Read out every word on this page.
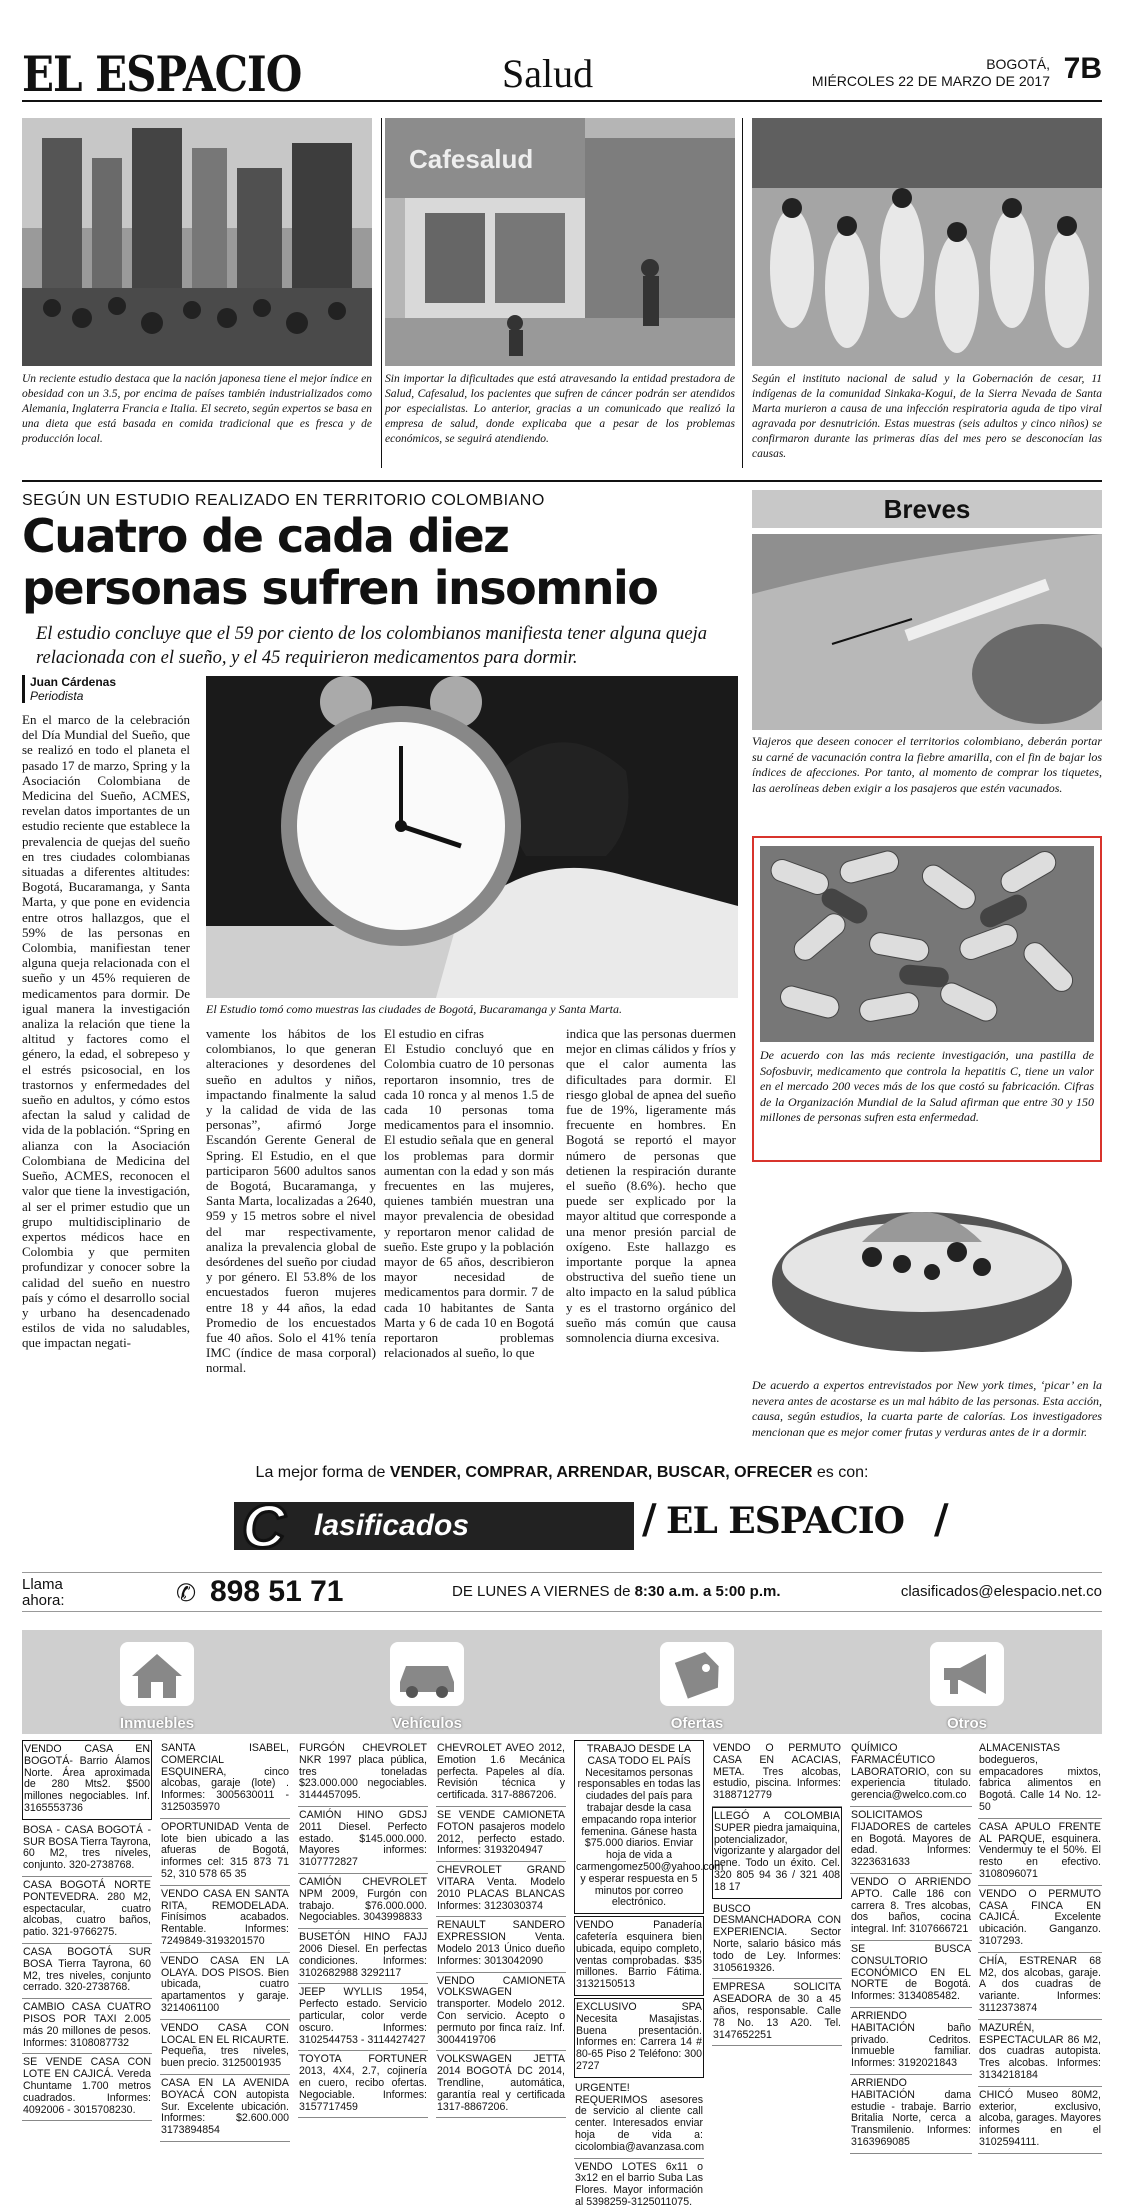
EL ESPACIO	Salud	BOGOTÁ,
MIÉRCOLES 22 DE MARZO DE 2017 7B
Un reciente estudio destaca que la nación japonesa tiene el mejor índice en obesidad con un 3.5, por encima de países también industrializados como Alemania, Inglaterra Francia e Italia. El secreto, según expertos se basa en una dieta que está basada en comida tradicional que es fresca y de producción local.
Cafesalud
Sin importar la dificultades que está atravesando la entidad prestadora de Salud, Cafesalud, los pacientes que sufren de cáncer podrán ser atendidos por especialistas. Lo anterior, gracias a un comunicado que realizó la empresa de salud, donde explicaba que a pesar de los problemas económicos, se seguirá atendiendo.
Según el instituto nacional de salud y la Gobernación de cesar, 11 indígenas de la comunidad Sinkaka-Kogui, de la Sierra Nevada de Santa Marta murieron a causa de una infección respiratoria aguda de tipo viral agravada por desnutrición. Estas muestras (seis adultos y cinco niños) se confirmaron durante las primeras días del mes pero se desconocían las causas.
SEGÚN UN ESTUDIO REALIZADO EN TERRITORIO COLOMBIANO
Cuatro de cada diez personas sufren insomnio
El estudio concluye que el 59 por ciento de los colombianos manifiesta tener alguna queja relacionada con el sueño, y el 45 requirieron medicamentos para dormir.
Juan Cárdenas
Periodista
En el marco de la celebración del Día Mundial del Sueño, que se realizó en todo el planeta el pasado 17 de marzo, Spring y la Asociación Colombiana de Medicina del Sueño, ACMES, revelan datos importantes de un estudio reciente que establece la prevalencia de quejas del sueño en tres ciudades colombianas situadas a diferentes altitudes: Bogotá, Bucaramanga, y Santa Marta, y que pone en evidencia entre otros hallazgos, que el 59% de las personas en Colombia, manifiestan tener alguna queja relacionada con el sueño y un 45% requieren de medicamentos para dormir. De igual manera la investigación analiza la relación que tiene la altitud y factores como el género, la edad, el sobrepeso y el estrés psicosocial, en los trastornos y enfermedades del sueño en adultos, y cómo estos afectan la salud y calidad de vida de la población. “Spring en alianza con la Asociación Colombiana de Medicina del Sueño, ACMES, reconocen el valor que tiene la investigación, al ser el primer estudio que un grupo multidisciplinario de expertos médicos hace en Colombia y que permiten profundizar y conocer sobre la calidad del sueño en nuestro país y cómo el desarrollo social y urbano ha desencadenado estilos de vida no saludables, que impactan negati-
El Estudio tomó como muestras las ciudades de Bogotá, Bucaramanga y Santa Marta.
vamente los hábitos de los colombianos, lo que generan alteraciones y desordenes del sueño en adultos y niños, impactando finalmente la salud y la calidad de vida de las personas”, afirmó Jorge Escandón Gerente General de Spring. El Estudio, en el que participaron 5600 adultos sanos de Bogotá, Bucaramanga, y Santa Marta, localizadas a 2640, 959 y 15 metros sobre el nivel del mar respectivamente, analiza la prevalencia global de desórdenes del sueño por ciudad y por género. El 53.8% de los encuestados fueron mujeres entre 18 y 44 años, la edad Promedio de los encuestados fue 40 años. Solo el 41% tenía IMC (índice de masa corporal) normal.
El estudio en cifras
El Estudio concluyó que en Colombia cuatro de 10 personas reportaron insomnio, tres de cada 10 ronca y al menos 1.5 de cada 10 personas toma medicamentos para el insomnio. El estudio señala que en general los problemas para dormir aumentan con la edad y son más frecuentes en las mujeres, quienes también muestran una mayor prevalencia de obesidad y reportaron menor calidad de sueño. Este grupo y la población mayor de 65 años, describieron mayor necesidad de medicamentos para dormir. 7 de cada 10 habitantes de Santa Marta y 6 de cada 10 en Bogotá reportaron problemas relacionados al sueño, lo que
indica que las personas duermen mejor en climas cálidos y fríos y que el calor aumenta las dificultades para dormir. El riesgo global de apnea del sueño fue de 19%, ligeramente más frecuente en hombres. En Bogotá se reportó el mayor número de personas que detienen la respiración durante el sueño (8.6%). hecho que puede ser explicado por la mayor altitud que corresponde a una menor presión parcial de oxígeno. Este hallazgo es importante porque la apnea obstructiva del sueño tiene un alto impacto en la salud pública y es el trastorno orgánico del sueño más común que causa somnolencia diurna excesiva.
Breves
Viajeros que deseen conocer el territorios colombiano, deberán portar su carné de vacunación contra la fiebre amarilla, con el fin de bajar los índices de afecciones. Por tanto, al momento de comprar los tiquetes, las aerolíneas deben exigir a los pasajeros que estén vacunados.
De acuerdo con las más reciente investigación, una pastilla de Sofosbuvir, medicamento que controla la hepatitis C, tiene un valor en el mercado 200 veces más de los que costó su fabricación. Cifras de la Organización Mundial de la Salud afirman que entre 30 y 150 millones de personas sufren esta enfermedad.
De acuerdo a expertos entrevistados por New york times, ‘picar’ en la nevera antes de acostarse es un mal hábito de las personas. Esta acción, causa, según estudios, la cuarta parte de calorías. Los investigadores mencionan que es mejor comer frutas y verduras antes de ir a dormir.
La mejor forma de VENDER, COMPRAR, ARRENDAR, BUSCAR, OFRECER es con:
lasificados
C	/ EL ESPACIO /
Llama ahora:	✆ 898 51 71	DE LUNES A VIERNES de 8:30 a.m. a 5:00 p.m.	clasificados@elespacio.net.co
Inmuebles	Vehículos	Ofertas	Otros
VENDO CASA EN BOGOTÁ- Barrio Álamos Norte. Área aproximada de 280 Mts2. $500 millones negociables. Inf. 3165553736
BOSA - CASA BOGOTÁ - SUR BOSA Tierra Tayrona, 60 M2, tres niveles, conjunto. 320-2738768.
CASA BOGOTÁ NORTE PONTEVEDRA. 280 M2, espectacular, cuatro alcobas, cuatro baños, patio. 321-9766275.
CASA BOGOTÁ SUR BOSA Tierra Tayrona, 60 M2, tres niveles, conjunto cerrado. 320-2738768.
CAMBIO CASA CUATRO PISOS POR TAXI 2.005 más 20 millones de pesos. Informes: 3108087732
SE VENDE CASA CON LOTE EN CAJICÁ. Vereda Chuntame 1.700 metros cuadrados. Informes: 4092006 - 3015708230.
SANTA ISABEL, COMERCIAL ESQUINERA, cinco alcobas, garaje (lote) . Informes: 3005630011 - 3125035970
OPORTUNIDAD Venta de lote bien ubicado a las afueras de Bogotá, informes cel: 315 873 71 52, 310 578 65 35
VENDO CASA EN SANTA RITA, REMODELADA. Finísimos acabados. Rentable. Informes: 7249849-3193201570
VENDO CASA EN LA OLAYA. DOS PISOS. Bien ubicada, cuatro apartamentos y garaje. 3214061100
VENDO CASA CON LOCAL EN EL RICAURTE. Pequeña, tres niveles, buen precio. 3125001935
CASA EN LA AVENIDA BOYACÁ CON autopista Sur. Excelente ubicación. Informes: $2.600.000 3173894854
FURGÓN CHEVROLET NKR 1997 placa pública, tres toneladas $23.000.000 negociables. 3144457095.
CAMIÓN HINO GDSJ 2011 Diesel. Perfecto estado. $145.000.000. Mayores informes: 3107772827
CAMIÓN CHEVROLET NPM 2009, Furgón con trabajo. $76.000.000. Negociables. 3043998833
BUSETÓN HINO FAJJ 2006 Diesel. En perfectas condiciones. Informes: 3102682988 3292117
JEEP WYLLIS 1954, Perfecto estado. Servicio particular, color verde oscuro. Informes: 3102544753 - 3114427427
TOYOTA FORTUNER 2013, 4X4, 2.7, cojinería en cuero, recibo ofertas. Negociable. Informes: 3157717459
CHEVROLET AVEO 2012, Emotion 1.6 Mecánica perfecta. Papeles al día. Revisión técnica y certificada. 317-8867206.
SE VENDE CAMIONETA FOTON pasajeros modelo 2012, perfecto estado. Informes: 3193204947
CHEVROLET GRAND VITARA Venta. Modelo 2010 PLACAS BLANCAS Informes: 3123030374
RENAULT SANDERO EXPRESSION Venta. Modelo 2013 Único dueño Informes: 3013042090
VENDO CAMIONETA VOLKSWAGEN transporter. Modelo 2012. Con servicio. Acepto o permuto por finca raíz. Inf. 3004419706
VOLKSWAGEN JETTA 2014 BOGOTÁ DC 2014, Trendline, automática, garantía real y certificada 1317-8867206.
TRABAJO DESDE LA CASA TODO EL PAÍS Necesitamos personas responsables en todas las ciudades del país para trabajar desde la casa empacando ropa interior femenina. Gánese hasta $75.000 diarios. Enviar hoja de vida a carmengomez500@yahoo.com y esperar respuesta en 5 minutos por correo electrónico.
VENDO Panadería cafetería esquinera bien ubicada, equipo completo, ventas comprobadas. $35 millones. Barrio Fátima. 3132150513
EXCLUSIVO SPA Necesita Masajistas. Buena presentación. Informes en: Carrera 14 # 80-65 Piso 2 Teléfono: 300 2727
URGENTE! REQUERIMOS asesores de servicio al cliente call center. Interesados enviar hoja de vida a: cicolombia@avanzasa.com
VENDO LOTES 6x11 o 3x12 en el barrio Suba Las Flores. Mayor información al 5398259-3125011075.
VENDO O PERMUTO CASA EN ACACIAS, META. Tres alcobas, estudio, piscina. Informes: 3188712779
LLEGÓ A COLOMBIA SUPER piedra jamaiquina, potencializador, vigorizante y alargador del pene. Todo un éxito. Cel. 320 805 94 36 / 321 408 18 17
BUSCO DESMANCHADORA CON EXPERIENCIA. Sector Norte, salario básico más todo de Ley. Informes: 3105619326.
EMPRESA SOLICITA ASEADORA de 30 a 45 años, responsable. Calle 78 No. 13 A20. Tel. 3147652251
QUÍMICO FARMACÉUTICO LABORATORIO, con su experiencia titulado. gerencia@welco.com.co
SOLICITAMOS FIJADORES de carteles en Bogotá. Mayores de edad. Informes: 3223631633
VENDO O ARRIENDO APTO. Calle 186 con carrera 8. Tres alcobas, dos baños, cocina integral. Inf: 3107666721
SE BUSCA CONSULTORIO ECONÓMICO EN EL NORTE de Bogotá. Informes: 3134085482.
ARRIENDO HABITACIÓN baño privado. Cedritos. Inmueble familiar. Informes: 3192021843
ARRIENDO HABITACIÓN dama estudie - trabaje. Barrio Britalia Norte, cerca a Transmilenio. Informes: 3163969085
ALMACENISTAS bodegueros, empacadores mixtos, fabrica alimentos en Bogotá. Calle 14 No. 12-50
CASA APULO FRENTE AL PARQUE, esquinera. Vendermuy te el 50%. El resto en efectivo. 3108096071
VENDO O PERMUTO CASA FINCA EN CAJICÁ. Excelente ubicación. Ganganzo. 3107293.
CHÍA, ESTRENAR 68 M2, dos alcobas, garaje. A dos cuadras de variante. Informes: 3112373874
MAZURÉN, ESPECTACULAR 86 M2, dos cuadras autopista. Tres alcobas. Informes: 3134218184
CHICÓ Museo 80M2, exterior, exclusivo, alcoba, garages. Mayores informes en el 3102594111.
